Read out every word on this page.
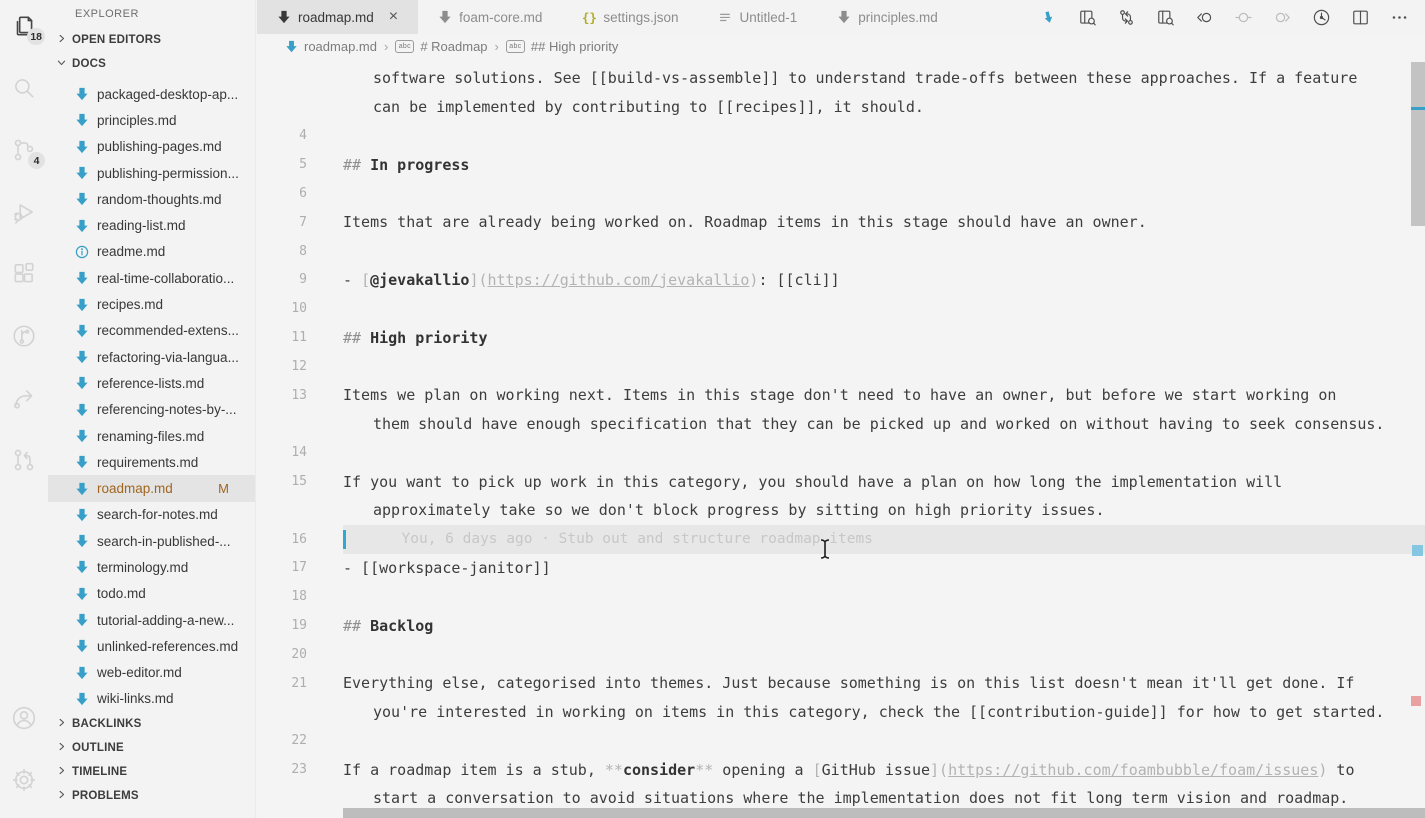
18
4
EXPLORER
OPEN EDITORS
DOCS
packaged-desktop-ap...
principles.md
publishing-pages.md
publishing-permission...
random-thoughts.md
reading-list.md
readme.md
real-time-collaboratio...
recipes.md
recommended-extens...
refactoring-via-langua...
reference-lists.md
referencing-notes-by-...
renaming-files.md
requirements.md
roadmap.md	M
search-for-notes.md
search-in-published-...
terminology.md
todo.md
tutorial-adding-a-new...
unlinked-references.md
web-editor.md
wiki-links.md
BACKLINKS
OUTLINE
TIMELINE
PROBLEMS
roadmap.md ×	foam-core.md	{} settings.json	Untitled-1	principles.md
roadmap.md ›	abc # Roadmap ›	abc ## High priority
software solutions. See [[build-vs-assemble]] to understand trade-offs between these approaches. If a feature
can be implemented by contributing to [[recipes]], it should.
4
5 ## In progress
6
7 Items that are already being worked on. Roadmap items in this stage should have an owner.
8
9 - [ @jevakallio ]( https://github.com/jevakallio ) : [[cli]]
10
11 ## High priority
12
13 Items we plan on working next. Items in this stage don't need to have an owner, but before we start working on
them should have enough specification that they can be picked up and worked on without having to seek consensus.
14
15 If you want to pick up work in this category, you should have a plan on how long the implementation will
approximately take so we don't block progress by sitting on high priority issues.
16	You, 6 days ago · Stub out and structure roadmap items
17 - [[workspace-janitor]]
18
19 ## Backlog
20
21 Everything else, categorised into themes. Just because something is on this list doesn't mean it'll get done. If
you're interested in working on items in this category, check the [[contribution-guide]] for how to get started.
22
23 If a roadmap item is a stub, ** consider ** opening a [ GitHub issue ]( https://github.com/foambubble/foam/issues ) to
start a conversation to avoid situations where the implementation does not fit long term vision and roadmap.
